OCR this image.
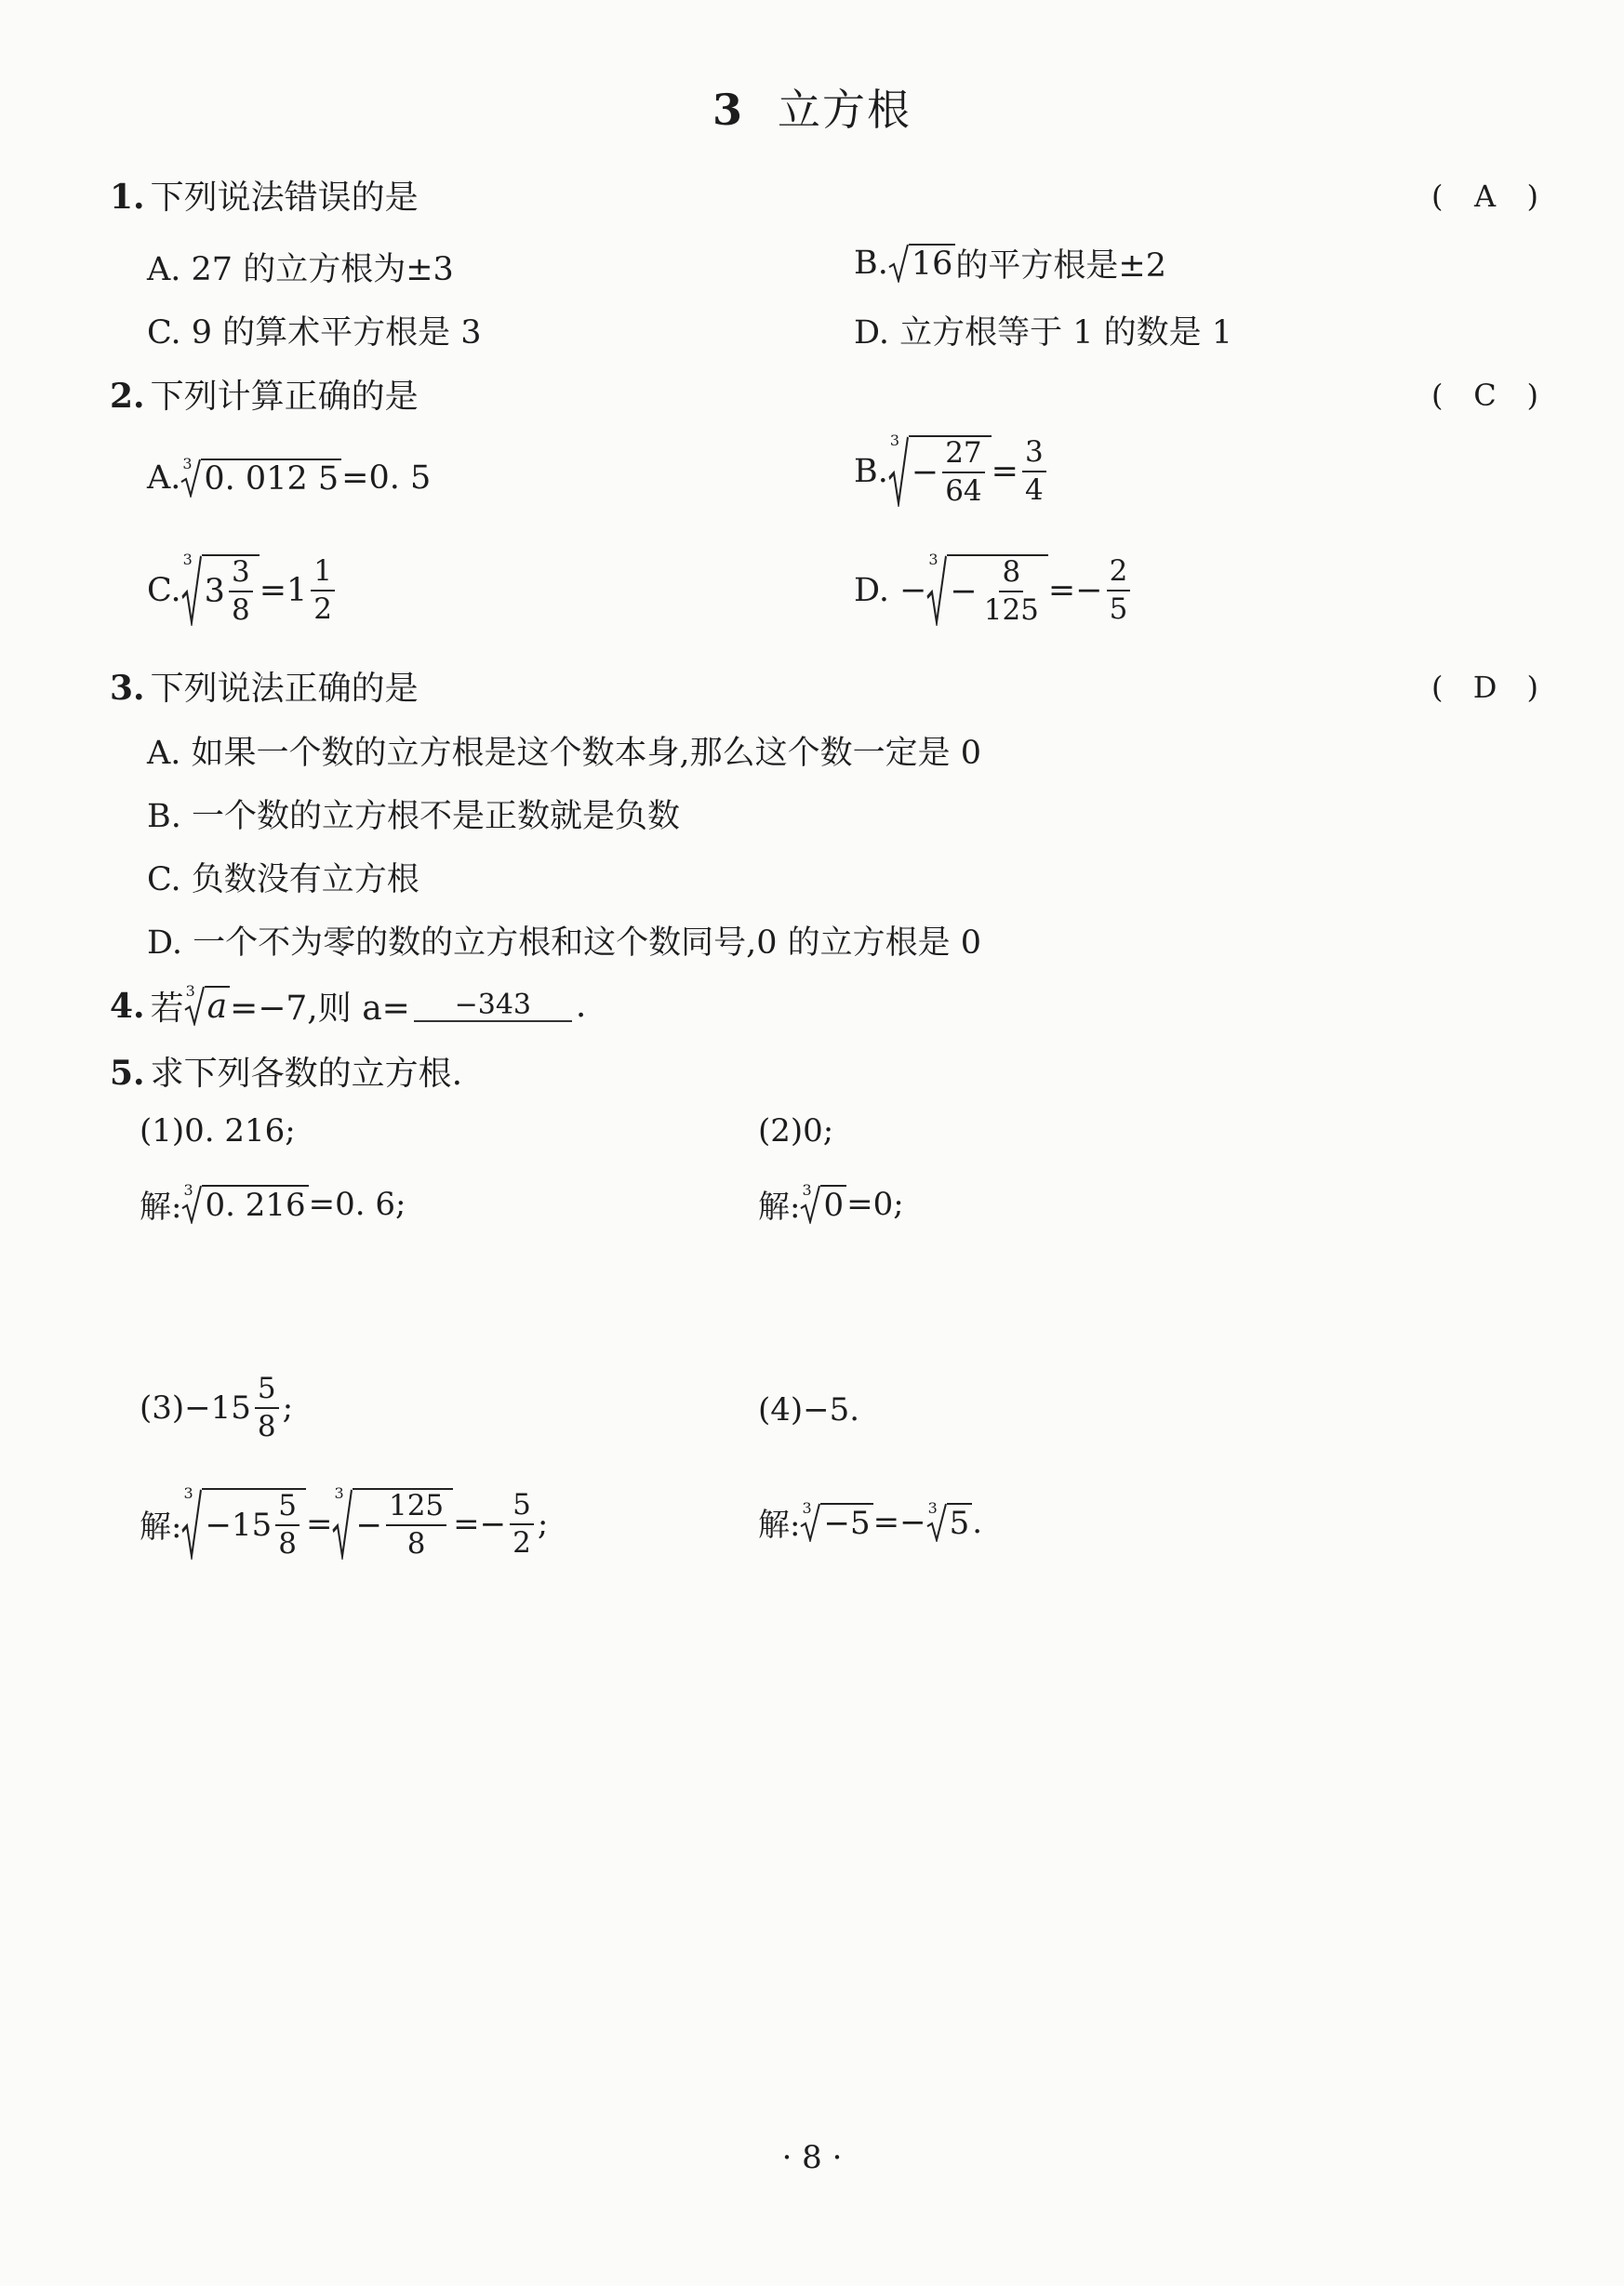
3 立方根
1. 下列说法错误的是	( A )
A. 27 的立方根为±3	B. 16 的平方根是±2
C. 9 的算术平方根是 3	D. 立方根等于 1 的数是 1
2. 下列计算正确的是	( C )
A. 3 0. 012 5 =0. 5	B.
3
− $\frac{27}{64} = \frac{3}{4}$
C.
3
$3 \frac{3}{8} =1 \frac{1}{2}$	D. −
3
− $\frac{8}{125} =- \frac{2}{5}$
3. 下列说法正确的是	( D )
A. 如果一个数的立方根是这个数本身,那么这个数一定是 0
B. 一个数的立方根不是正数就是负数
C. 负数没有立方根
D. 一个不为零的数的立方根和这个数同号,0 的立方根是 0
4. 若 3 a =−7,则 a=	−343	.
5. 求下列各数的立方根.
(1)0. 216;	(2)0;
解: 3 0. 216 =0. 6;	解: 3 0 =0;
$(3)-15 \frac{5}{8}$ ;	(4)−5.
解:
3
$-15 \frac{5}{8}$ =
3
− $\frac{125}{8} =- \frac{5}{2}$ ;	解: 3 −5 =− 3 5 .
· 8 ·
